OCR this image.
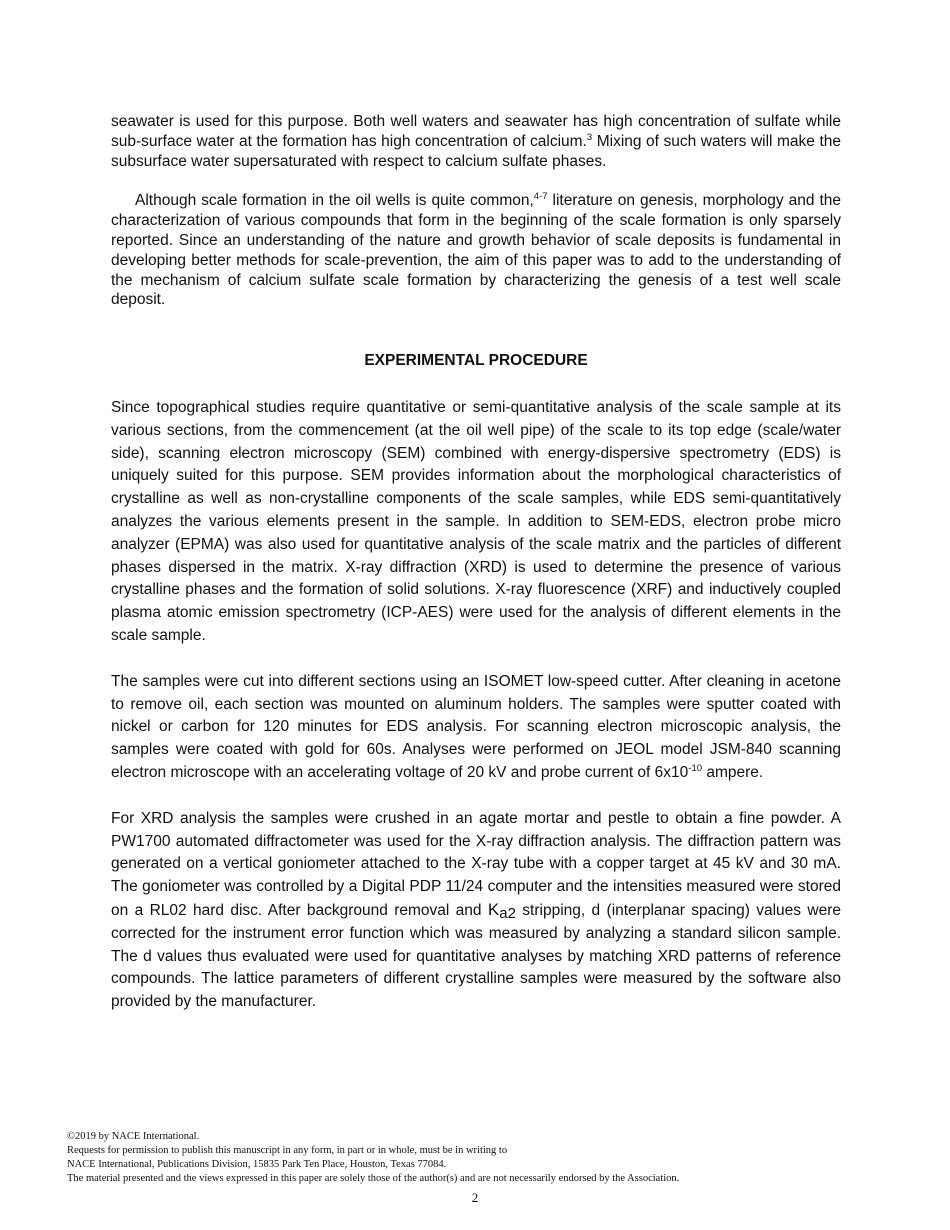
seawater is used for this purpose. Both well waters and seawater has high concentration of sulfate while sub-surface water at the formation has high concentration of calcium.$^3$ Mixing of such waters will make the subsurface water supersaturated with respect to calcium sulfate phases.

Although scale formation in the oil wells is quite common,$^{4-7}$ literature on genesis, morphology and the characterization of various compounds that form in the beginning of the scale formation is only sparsely reported. Since an understanding of the nature and growth behavior of scale deposits is fundamental in developing better methods for scale-prevention, the aim of this paper was to add to the understanding of the mechanism of calcium sulfate scale formation by characterizing the genesis of a test well scale deposit.

EXPERIMENTAL PROCEDURE

Since topographical studies require quantitative or semi-quantitative analysis of the scale sample at its various sections, from the commencement (at the oil well pipe) of the scale to its top edge (scale/water side), scanning electron microscopy (SEM) combined with energy-dispersive spectrometry (EDS) is uniquely suited for this purpose. SEM provides information about the morphological characteristics of crystalline as well as non-crystalline components of the scale samples, while EDS semi-quantitatively analyzes the various elements present in the sample. In addition to SEM-EDS, electron probe micro analyzer (EPMA) was also used for quantitative analysis of the scale matrix and the particles of different phases dispersed in the matrix. X-ray diffraction (XRD) is used to determine the presence of various crystalline phases and the formation of solid solutions. X-ray fluorescence (XRF) and inductively coupled plasma atomic emission spectrometry (ICP-AES) were used for the analysis of different elements in the scale sample.

The samples were cut into different sections using an ISOMET low-speed cutter. After cleaning in acetone to remove oil, each section was mounted on aluminum holders. The samples were sputter coated with nickel or carbon for 120 minutes for EDS analysis. For scanning electron microscopic analysis, the samples were coated with gold for 60s. Analyses were performed on JEOL model JSM-840 scanning electron microscope with an accelerating voltage of 20 kV and probe current of $6x10^{-10}$ ampere.

For XRD analysis the samples were crushed in an agate mortar and pestle to obtain a fine powder. A PW1700 automated diffractometer was used for the X-ray diffraction analysis. The diffraction pattern was generated on a vertical goniometer attached to the X-ray tube with a copper target at 45 kV and 30 mA. The goniometer was controlled by a Digital PDP 11/24 computer and the intensities measured were stored on a RL02 hard disc. After background removal and Ka2 stripping, d (interplanar spacing) values were corrected for the instrument error function which was measured by analyzing a standard silicon sample. The d values thus evaluated were used for quantitative analyses by matching XRD patterns of reference compounds. The lattice parameters of different crystalline samples were measured by the software also provided by the manufacturer.

©2019 by NACE International.
Requests for permission to publish this manuscript in any form, in part or in whole, must be in writing to
NACE International, Publications Division, 15835 Park Ten Place, Houston, Texas 77084.
The material presented and the views expressed in this paper are solely those of the author(s) and are not necessarily endorsed by the Association.
2
